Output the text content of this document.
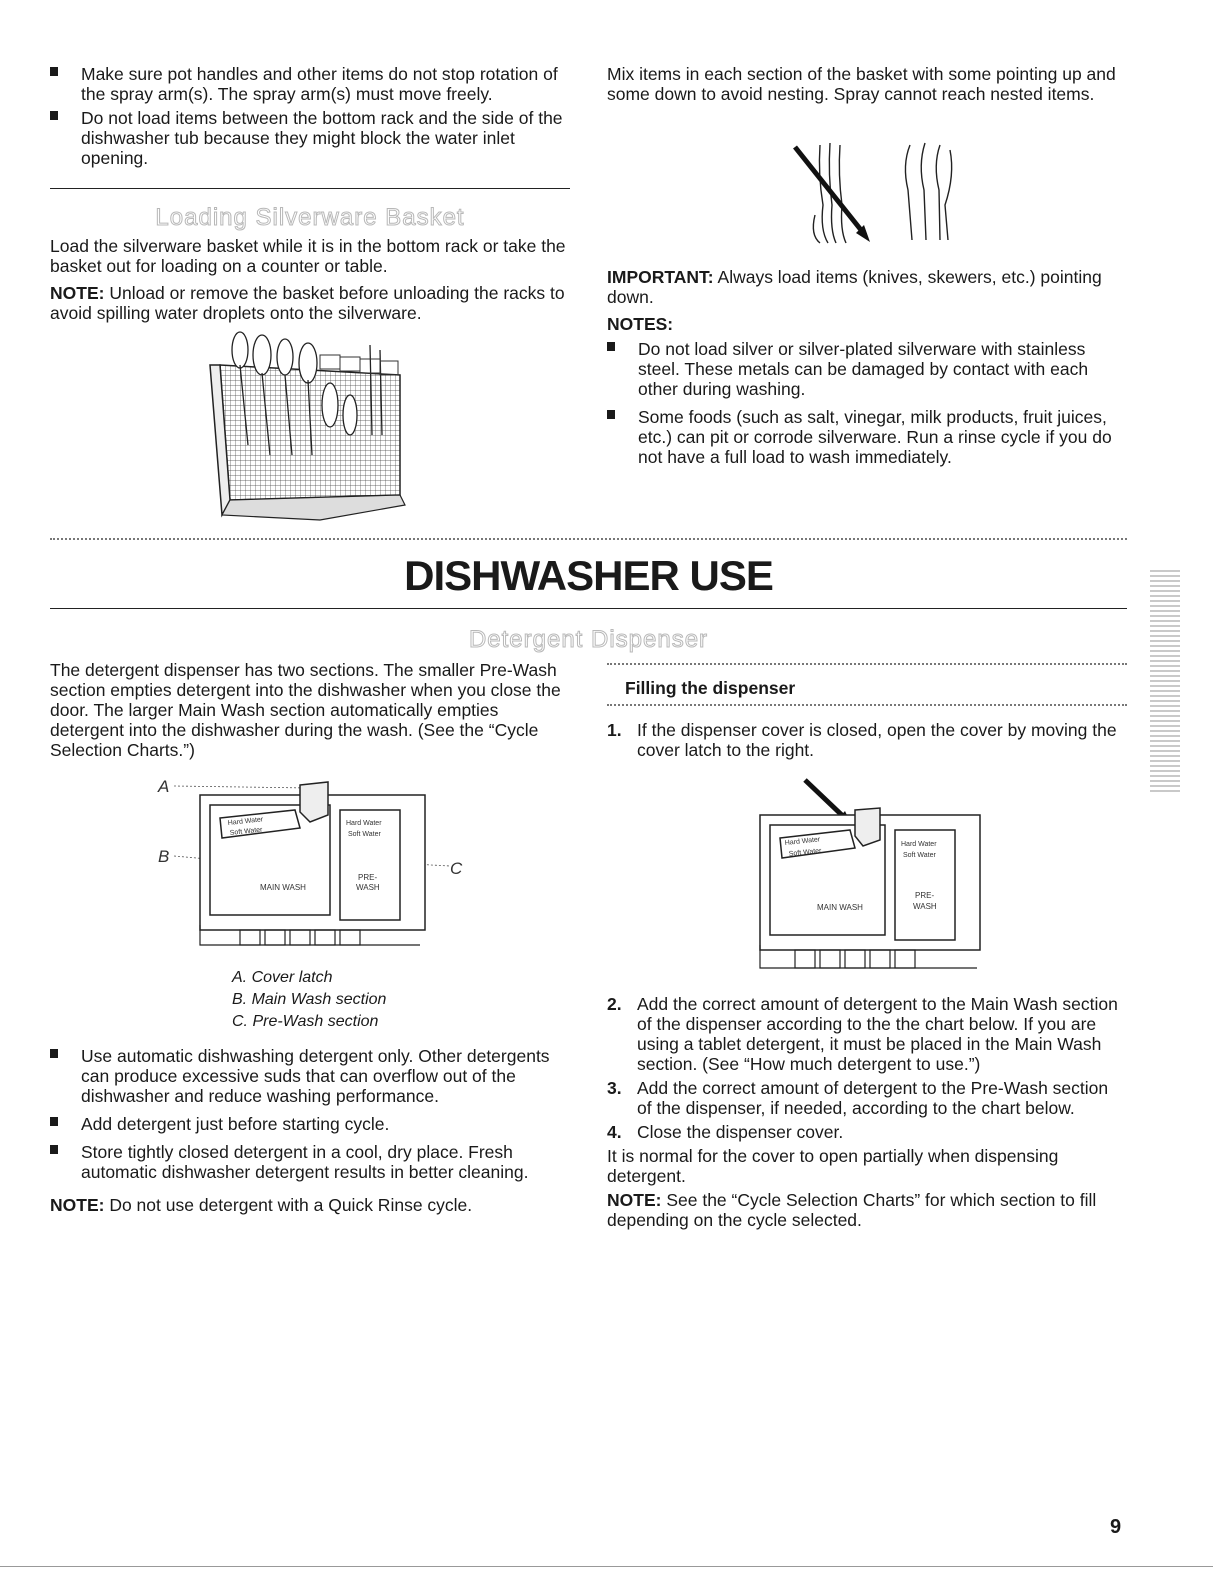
Make sure pot handles and other items do not stop rotation of the spray arm(s). The spray arm(s) must move freely.
Do not load items between the bottom rack and the side of the dishwasher tub because they might block the water inlet opening.
Loading Silverware Basket
Load the silverware basket while it is in the bottom rack or take the basket out for loading on a counter or table.
NOTE: Unload or remove the basket before unloading the racks to avoid spilling water droplets onto the silverware.
Mix items in each section of the basket with some pointing up and some down to avoid nesting. Spray cannot reach nested items.
IMPORTANT: Always load items (knives, skewers, etc.) pointing down.
NOTES:
Do not load silver or silver-plated silverware with stainless steel. These metals can be damaged by contact with each other during washing.
Some foods (such as salt, vinegar, milk products, fruit juices, etc.) can pit or corrode silverware. Run a rinse cycle if you do not have a full load to wash immediately.
DISHWASHER USE
Detergent Dispenser
The detergent dispenser has two sections. The smaller Pre-Wash section empties detergent into the dishwasher when you close the door. The larger Main Wash section automatically empties detergent into the dishwasher during the wash. (See the “Cycle Selection Charts.”)
A
B
C
Hard Water
Soft Water
Hard Water
Soft Water
MAIN WASH
PRE-
WASH
A. Cover latch
B. Main Wash section
C. Pre-Wash section
Use automatic dishwashing detergent only. Other detergents can produce excessive suds that can overflow out of the dishwasher and reduce washing performance.
Add detergent just before starting cycle.
Store tightly closed detergent in a cool, dry place. Fresh automatic dishwasher detergent results in better cleaning.
NOTE: Do not use detergent with a Quick Rinse cycle.
Filling the dispenser
1. If the dispenser cover is closed, open the cover by moving the cover latch to the right.
Hard Water
Soft Water
Hard Water
Soft Water
MAIN WASH
PRE-
WASH
2. Add the correct amount of detergent to the Main Wash section of the dispenser according to the the chart below. If you are using a tablet detergent, it must be placed in the Main Wash section. (See “How much detergent to use.”)
3. Add the correct amount of detergent to the Pre-Wash section of the dispenser, if needed, according to the chart below.
4. Close the dispenser cover.
It is normal for the cover to open partially when dispensing detergent.
NOTE: See the “Cycle Selection Charts” for which section to fill depending on the cycle selected.
9
